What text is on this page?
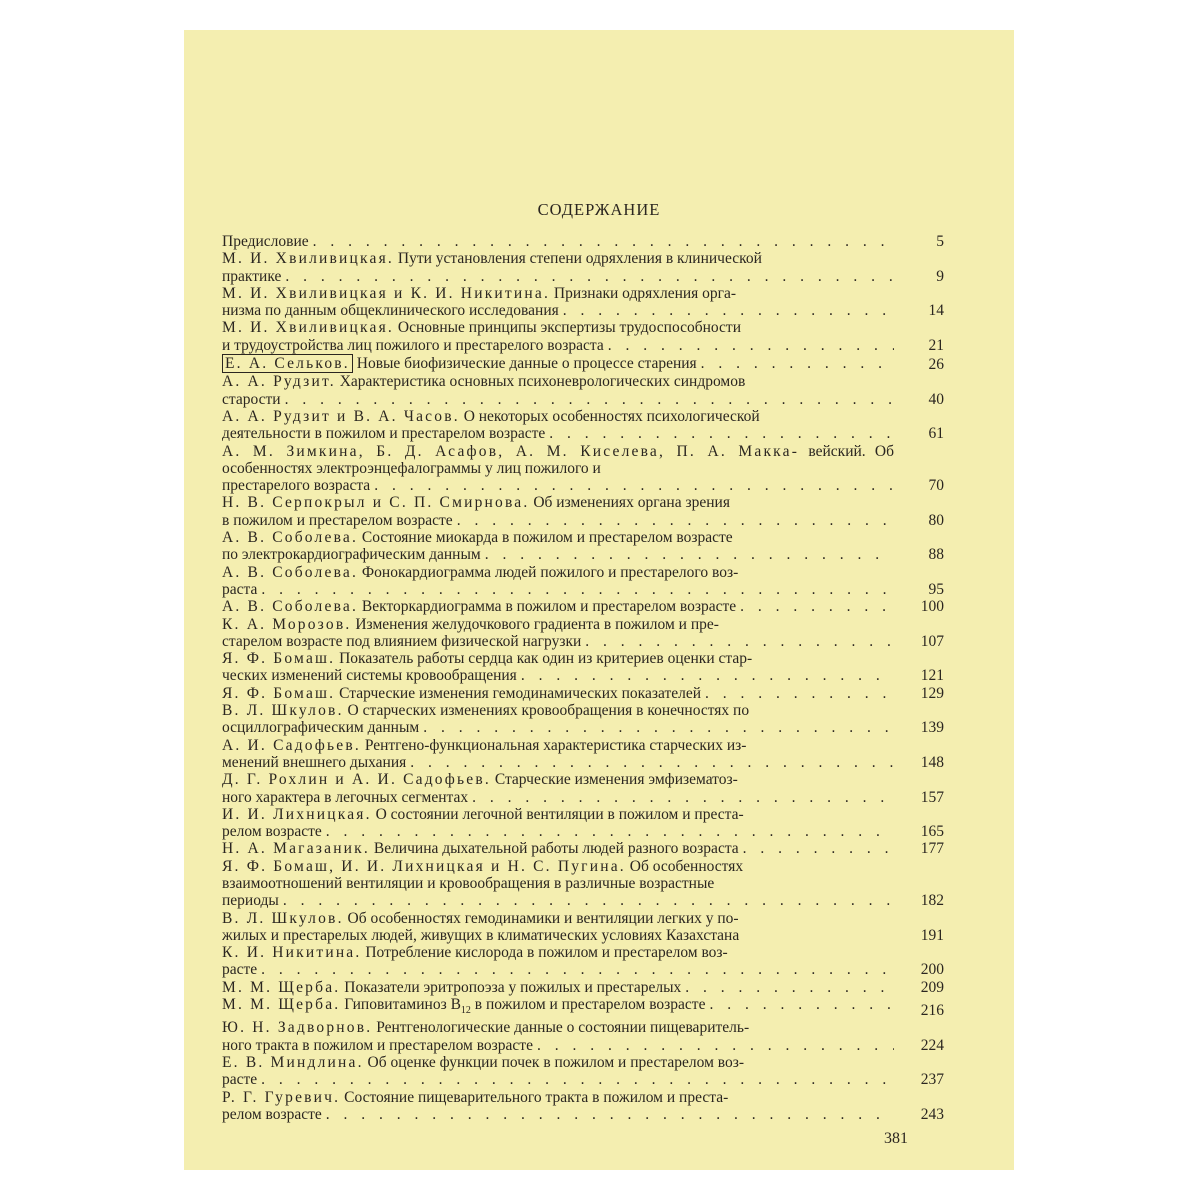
СОДЕРЖАНИЕ
Предисловие . . .	5
М. И. Хвиливицкая. Пути установления степени одряхления в клинической
практике . . .	9
М. И. Хвиливицкая и К. И. Никитина. Признаки одряхления орга-
низма по данным общеклинического исследования . . .	14
М. И. Хвиливицкая. Основные принципы экспертизы трудоспособности
и трудоустройства лиц пожилого и престарелого возраста . . .	21
Е. А. Сельков.
Новые биофизические данные о процессе старения . . .	26
А. А. Рудзит. Характеристика основных психоневрологических синдромов
старости . . .	40
А. А. Рудзит и В. А. Часов. О некоторых особенностях психологической
деятельности в пожилом и престарелом возрасте . . .	61
А. М. Зимкина, Б. Д. Асафов, А. М. Киселева, П. А. Макка- вейский. Об особенностях электроэнцефалограммы у лиц пожилого и
престарелого возраста . . .	70
Н. В. Серпокрыл и С. П. Смирнова. Об изменениях органа зрения
в пожилом и престарелом возрасте . . .	80
А. В. Соболева. Состояние миокарда в пожилом и престарелом возрасте
по электрокардиографическим данным . . .	88
А. В. Соболева. Фонокардиограмма людей пожилого и престарелого воз-
раста . . .	95
А. В. Соболева.
Векторкардиограмма в пожилом и престарелом возрасте . . .	100
К. А. Морозов. Изменения желудочкового градиента в пожилом и пре-
старелом возрасте под влиянием физической нагрузки . . .	107
Я. Ф. Бомаш. Показатель работы сердца как один из критериев оценки стар-
ческих изменений системы кровообращения . . .	121
Я. Ф. Бомаш.
Старческие изменения гемодинамических показателей . . .	129
В. Л. Шкулов. О старческих изменениях кровообращения в конечностях по
осциллографическим данным . . .	139
А. И. Садофьев. Рентгено-функциональная характеристика старческих из-
менений внешнего дыхания . . .	148
Д. Г. Рохлин и А. И. Садофьев. Старческие изменения эмфизематоз-
ного характера в легочных сегментах . . .	157
И. И. Лихницкая. О состоянии легочной вентиляции в пожилом и преста-
релом возрасте . . .	165
Н. А. Магазаник.
Величина дыхательной работы людей разного возраста . . .	177
Я. Ф. Бомаш, И. И. Лихницкая и Н. С. Пугина. Об особенностях
взаимоотношений вентиляции и кровообращения в различные возрастные
периоды . . .	182
В. Л. Шкулов. Об особенностях гемодинамики и вентиляции легких у по-
жилых и престарелых людей, живущих в климатических условиях Казахстана	191
К. И. Никитина. Потребление кислорода в пожилом и престарелом воз-
расте . . .	200
М. М. Щерба.
Показатели эритропоэза у пожилых и престарелых . . .	209
М. М. Щерба.
Гиповитаминоз $B_{12}$ в пожилом и престарелом возрасте . . .	216
Ю. Н. Задворнов. Рентгенологические данные о состоянии пищеваритель-
ного тракта в пожилом и престарелом возрасте . . .	224
Е. В. Миндлина. Об оценке функции почек в пожилом и престарелом воз-
расте . . .	237
Р. Г. Гуревич. Состояние пищеварительного тракта в пожилом и преста-
релом возрасте . . .	243
381
